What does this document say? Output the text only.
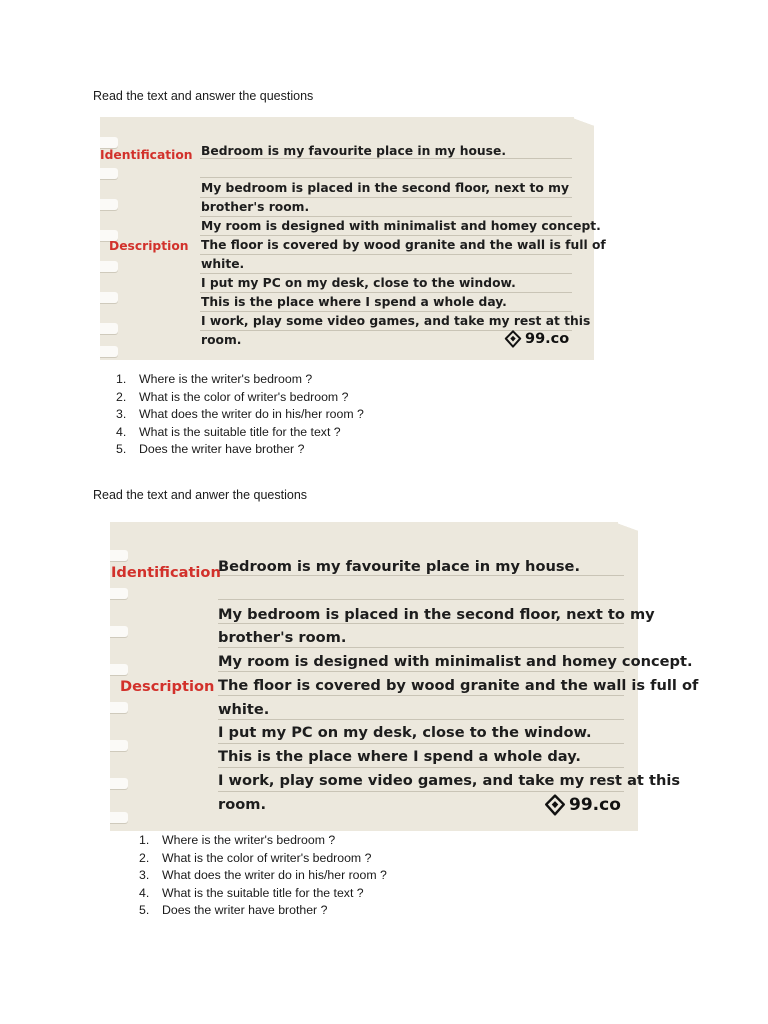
Read the text and answer the questions

Identification
Description
Bedroom is my favourite place in my house.
My bedroom is placed in the second floor, next to my
brother's room.
My room is designed with minimalist and homey concept.
The floor is covered by wood granite and the wall is full of
white.
I put my PC on my desk, close to the window.
This is the place where I spend a whole day.
I work, play some video games, and take my rest at this
room.	99.co
1. Where is the writer's bedroom ?
2. What is the color of writer's bedroom ?
3. What does the writer do in his/her room ?
4. What is the suitable title for the text ?
5. Does the writer have brother ?

Read the text and anwer the questions

Identification
Description
Bedroom is my favourite place in my house.
My bedroom is placed in the second floor, next to my
brother's room.
My room is designed with minimalist and homey concept.
The floor is covered by wood granite and the wall is full of
white.
I put my PC on my desk, close to the window.
This is the place where I spend a whole day.
I work, play some video games, and take my rest at this
room.	99.co
1. Where is the writer's bedroom ?
2. What is the color of writer's bedroom ?
3. What does the writer do in his/her room ?
4. What is the suitable title for the text ?
5. Does the writer have brother ?
